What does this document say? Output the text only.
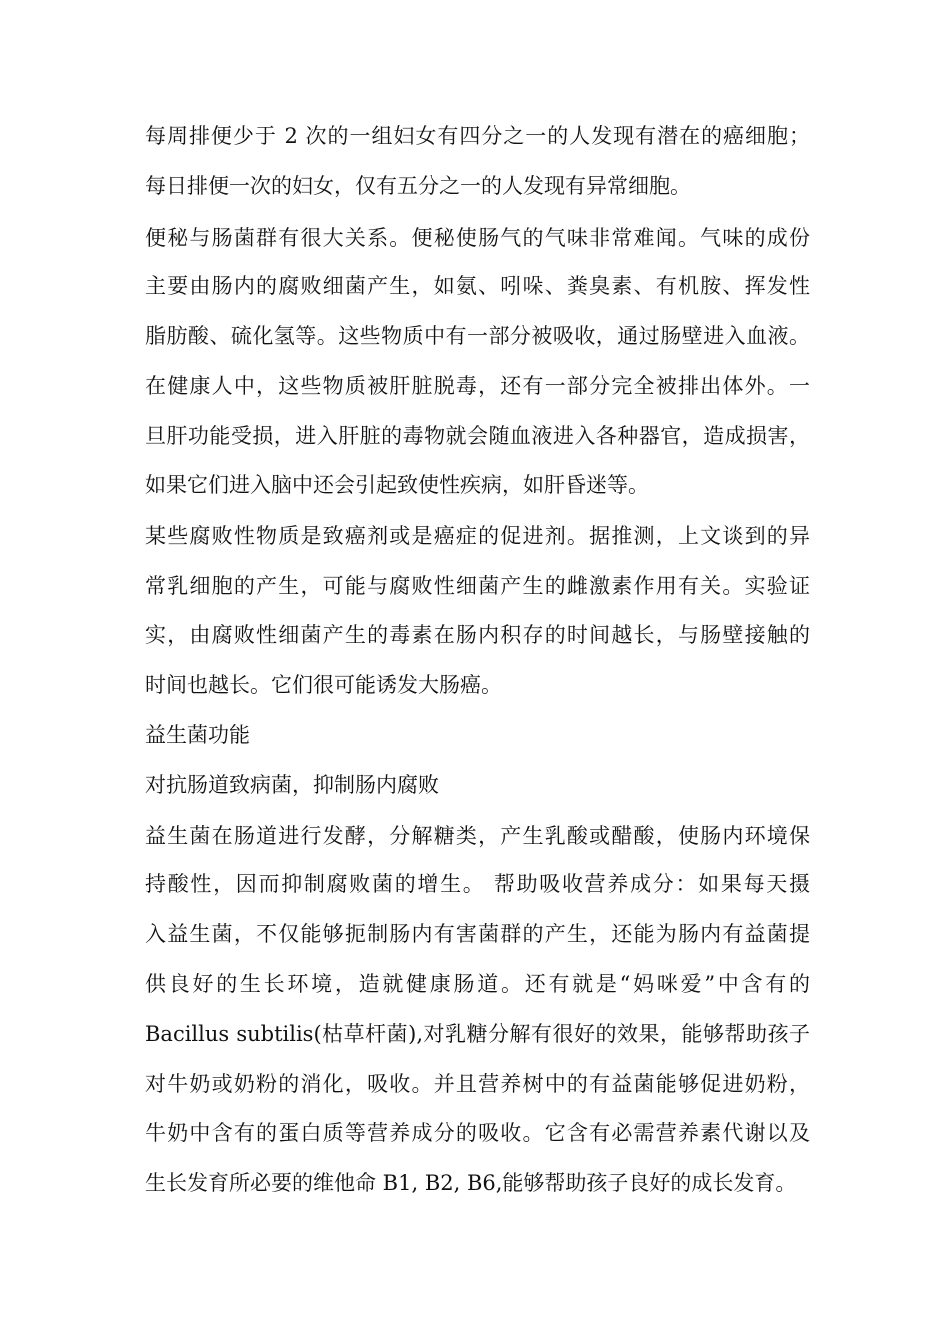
每周排便少于 2 次的一组妇女有四分之一的人发现有潜在的癌细胞；
每日排便一次的妇女，仅有五分之一的人发现有异常细胞。
便秘与肠菌群有很大关系。便秘使肠气的气味非常难闻。气味的成份
主要由肠内的腐败细菌产生，如氨、吲哚、粪臭素、有机胺、挥发性
脂肪酸、硫化氢等。这些物质中有一部分被吸收，通过肠壁进入血液。
在健康人中，这些物质被肝脏脱毒，还有一部分完全被排出体外。一
旦肝功能受损，进入肝脏的毒物就会随血液进入各种器官，造成损害，
如果它们进入脑中还会引起致使性疾病，如肝昏迷等。
某些腐败性物质是致癌剂或是癌症的促进剂。据推测，上文谈到的异
常乳细胞的产生，可能与腐败性细菌产生的雌激素作用有关。实验证
实，由腐败性细菌产生的毒素在肠内积存的时间越长，与肠壁接触的
时间也越长。它们很可能诱发大肠癌。
益生菌功能
对抗肠道致病菌，抑制肠内腐败
益生菌在肠道进行发酵，分解糖类，产生乳酸或醋酸，使肠内环境保
持酸性，因而抑制腐败菌的增生。 帮助吸收营养成分：如果每天摄
入益生菌，不仅能够扼制肠内有害菌群的产生，还能为肠内有益菌提
供良好的生长环境，造就健康肠道。还有就是“妈咪爱”中含有的
Bacillus subtilis(枯草杆菌),对乳糖分解有很好的效果，能够帮助孩子
对牛奶或奶粉的消化，吸收。并且营养树中的有益菌能够促进奶粉，
牛奶中含有的蛋白质等营养成分的吸收。它含有必需营养素代谢以及
生长发育所必要的维他命 B1, B2, B6,能够帮助孩子良好的成长发育。
